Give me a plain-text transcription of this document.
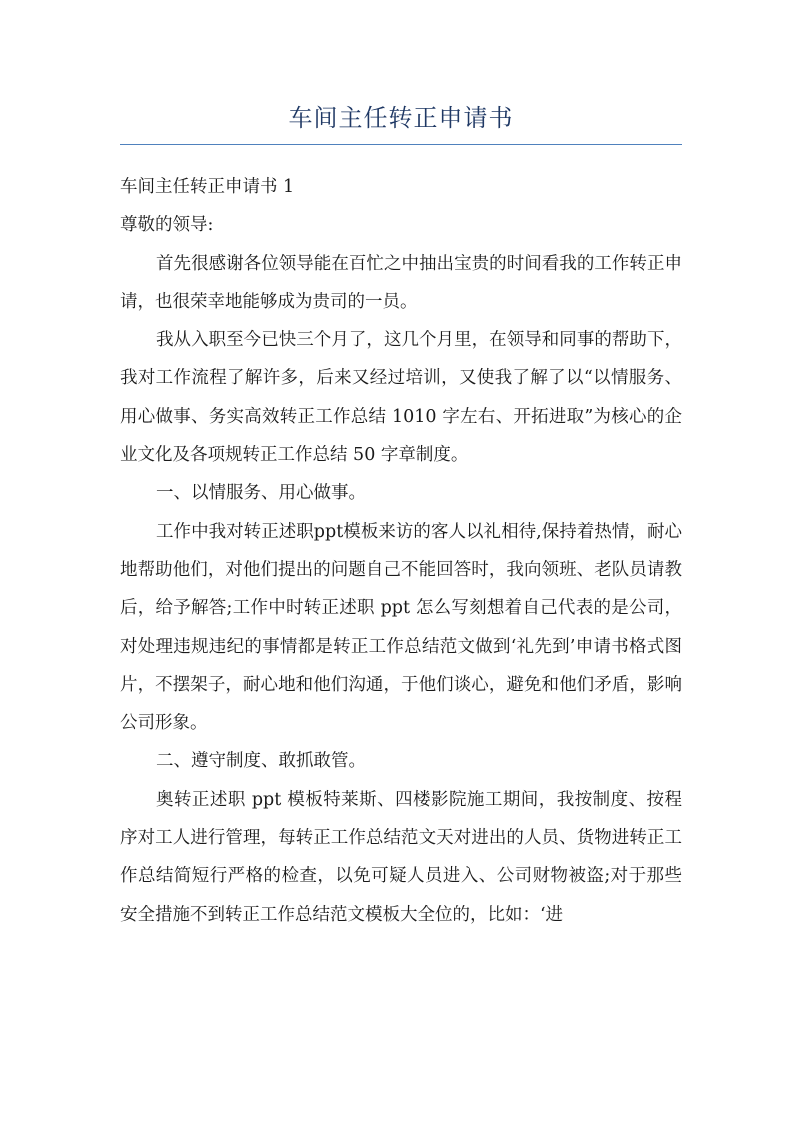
车间主任转正申请书

车间主任转正申请书 1

尊敬的领导:

首先很感谢各位领导能在百忙之中抽出宝贵的时间看我的工作转正申请，也很荣幸地能够成为贵司的一员。

我从入职至今已快三个月了，这几个月里，在领导和同事的帮助下，我对工作流程了解许多，后来又经过培训，又使我了解了以“以情服务、用心做事、务实高效转正工作总结 1010 字左右、开拓进取”为核心的企业文化及各项规转正工作总结 50 字章制度。

一、以情服务、用心做事。

工作中我对转正述职ppt模板来访的客人以礼相待,保持着热情，耐心地帮助他们，对他们提出的问题自己不能回答时，我向领班、老队员请教后，给予解答;工作中时转正述职 ppt 怎么写刻想着自己代表的是公司，对处理违规违纪的事情都是转正工作总结范文做到‘礼先到’申请书格式图片，不摆架子，耐心地和他们沟通，于他们谈心，避免和他们矛盾，影响公司形象。

二、遵守制度、敢抓敢管。

奥转正述职 ppt 模板特莱斯、四楼影院施工期间，我按制度、按程序对工人进行管理，每转正工作总结范文天对进出的人员、货物进转正工作总结简短行严格的检查，以免可疑人员进入、公司财物被盗;对于那些安全措施不到转正工作总结范文模板大全位的，比如：‘进
